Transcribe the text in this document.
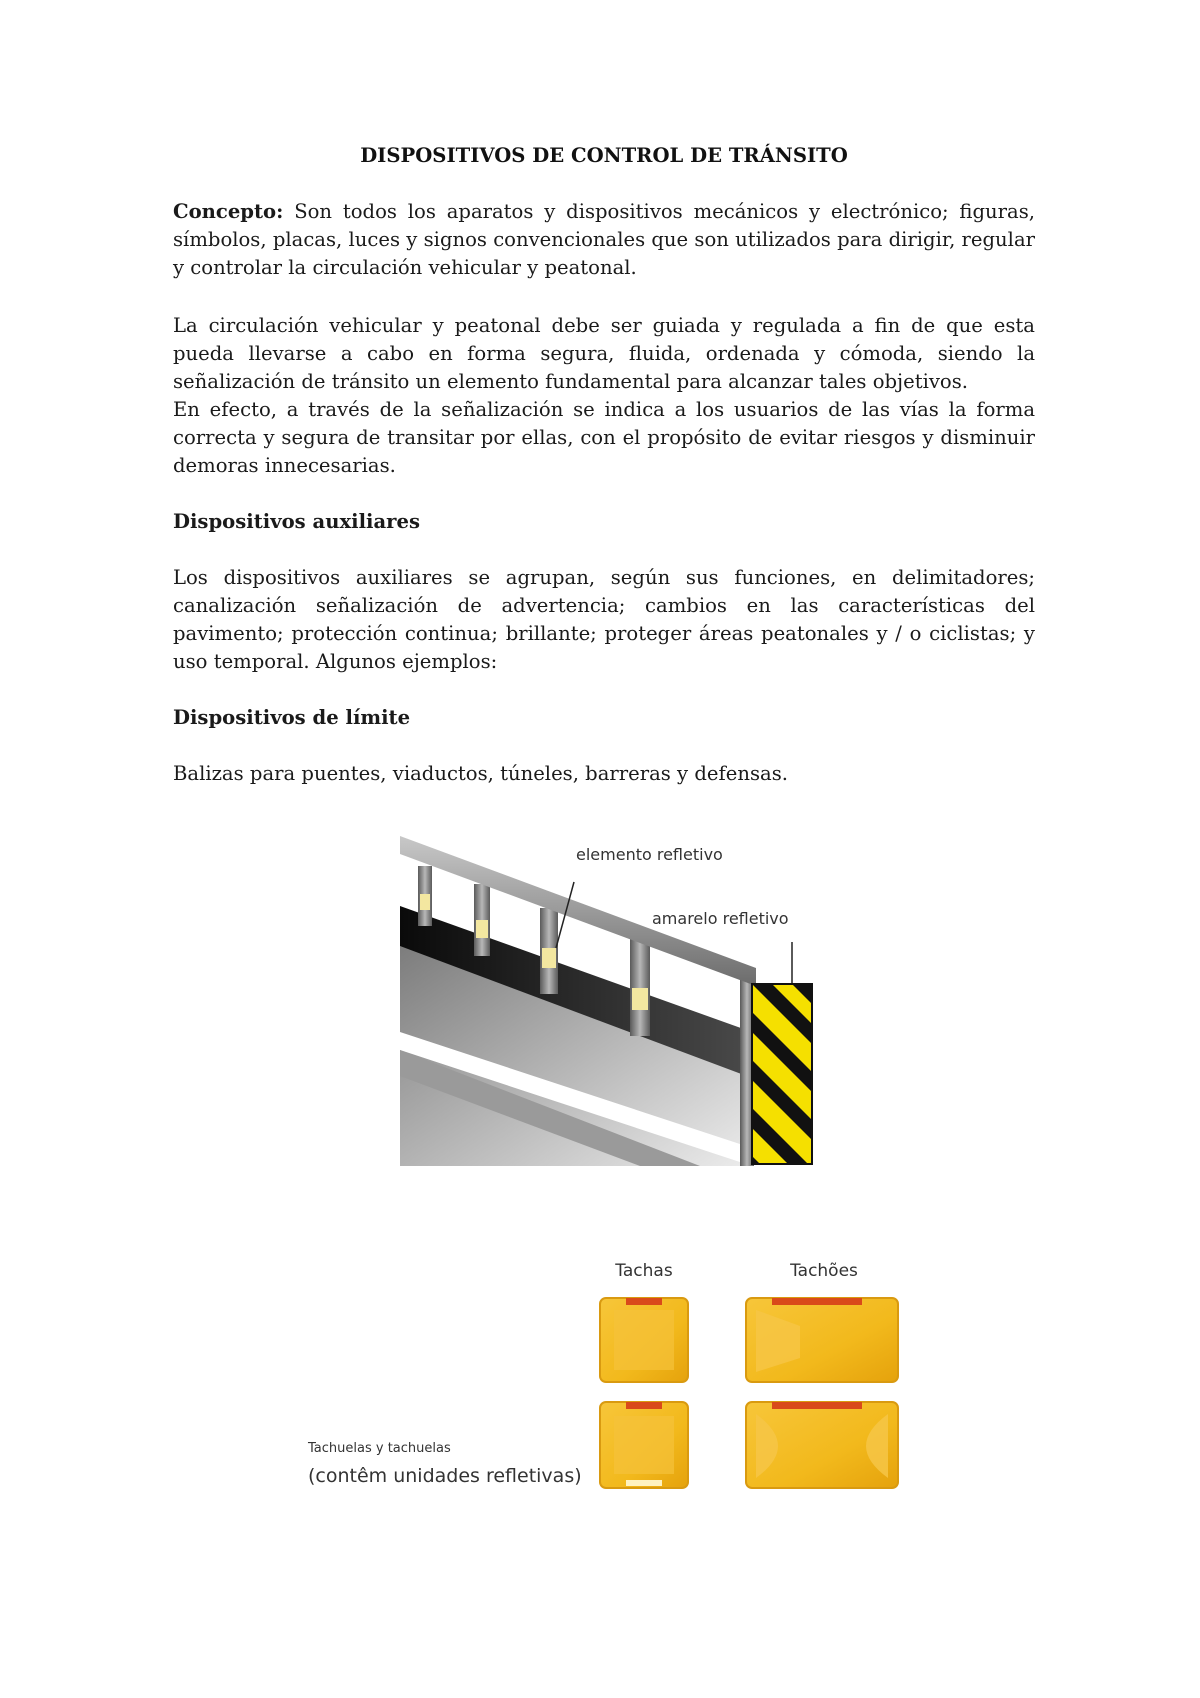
DISPOSITIVOS DE CONTROL DE TRÁNSITO
Concepto: Son todos los aparatos y dispositivos mecánicos y electrónico; figuras, símbolos, placas, luces y signos convencionales que son utilizados para dirigir, regular y controlar la circulación vehicular y peatonal.
La circulación vehicular y peatonal debe ser guiada y regulada a fin de que esta pueda llevarse a cabo en forma segura, fluida, ordenada y cómoda, siendo la señalización de tránsito un elemento fundamental para alcanzar tales objetivos.
En efecto, a través de la señalización se indica a los usuarios de las vías la forma correcta y segura de transitar por ellas, con el propósito de evitar riesgos y disminuir demoras innecesarias.
Dispositivos auxiliares
Los dispositivos auxiliares se agrupan, según sus funciones, en delimitadores; canalización señalización de advertencia; cambios en las características del pavimento; protección continua; brillante; proteger áreas peatonales y / o ciclistas; y uso temporal. Algunos ejemplos:
Dispositivos de límite
Balizas para puentes, viaductos, túneles, barreras y defensas.
elemento refletivo
amarelo refletivo
Tachas	Tachões
Tachuelas y tachuelas
(contêm unidades refletivas)
